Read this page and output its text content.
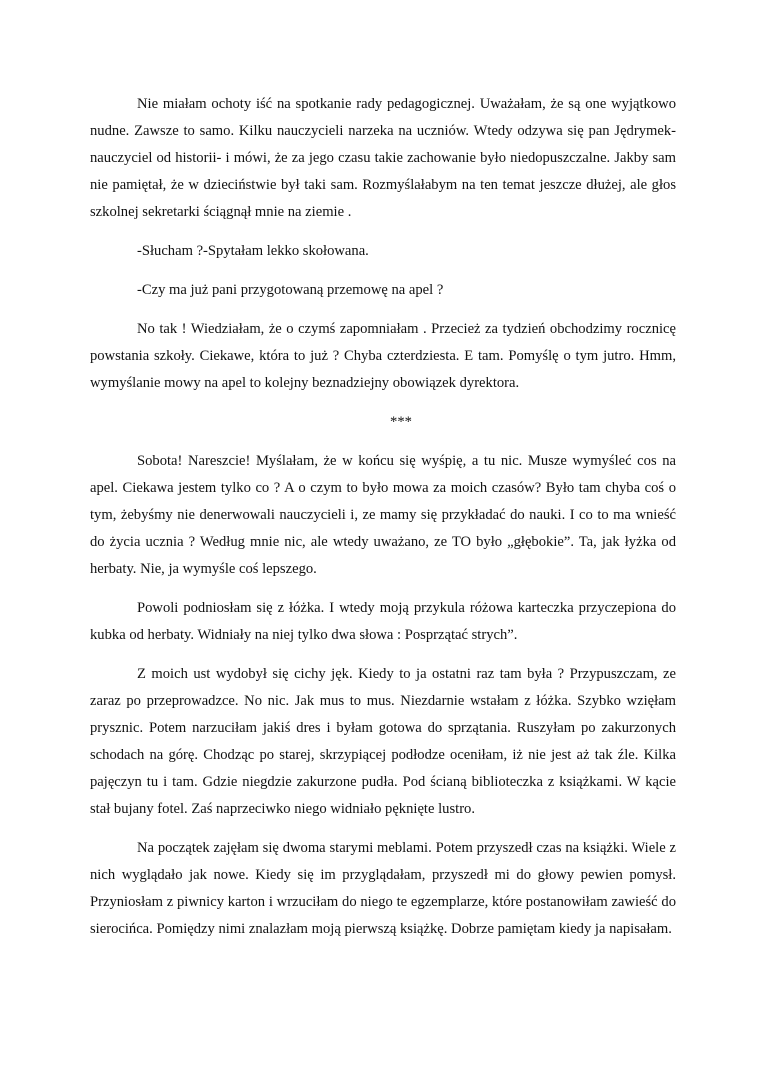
Nie miałam ochoty iść na spotkanie rady pedagogicznej. Uważałam, że są one wyjątkowo nudne. Zawsze to samo. Kilku nauczycieli narzeka na uczniów. Wtedy odzywa się pan Jędrymek- nauczyciel od historii- i mówi, że za jego czasu takie zachowanie było niedopuszczalne. Jakby sam nie pamiętał, że w dzieciństwie był taki sam. Rozmyślałabym na ten temat jeszcze dłużej, ale głos szkolnej sekretarki ściągnął mnie na ziemie .

-Słucham ?-Spytałam lekko skołowana.

-Czy ma już pani przygotowaną przemowę na apel ?

No tak ! Wiedziałam, że o czymś zapomniałam . Przecież za tydzień obchodzimy rocznicę powstania szkoły. Ciekawe, która to już ? Chyba czterdziesta. E tam. Pomyślę o tym jutro. Hmm, wymyślanie mowy na apel to kolejny beznadziejny obowiązek dyrektora.

***

Sobota! Nareszcie! Myślałam, że w końcu się wyśpię, a tu nic. Musze wymyśleć cos na apel. Ciekawa jestem tylko co ? A o czym to było mowa za moich czasów? Było tam chyba coś o tym, żebyśmy nie denerwowali nauczycieli i, ze mamy się przykładać do nauki. I co to ma wnieść do życia ucznia ? Według mnie nic, ale wtedy uważano, ze TO było „głębokie”. Ta, jak łyżka od herbaty. Nie, ja wymyśle coś lepszego.

Powoli podniosłam się z łóżka. I wtedy moją przykula różowa karteczka przyczepiona do kubka od herbaty. Widniały na niej tylko dwa słowa : Posprzątać strych”.

Z moich ust wydobył się cichy jęk. Kiedy to ja ostatni raz tam była ? Przypuszczam, ze zaraz po przeprowadzce. No nic. Jak mus to mus. Niezdarnie wstałam z łóżka. Szybko wzięłam prysznic. Potem narzuciłam jakiś dres i byłam gotowa do sprzątania. Ruszyłam po zakurzonych schodach na górę. Chodząc po starej, skrzypiącej podłodze oceniłam, iż nie jest aż tak źle. Kilka pajęczyn tu i tam. Gdzie niegdzie zakurzone pudła. Pod ścianą biblioteczka z książkami. W kącie stał bujany fotel. Zaś naprzeciwko niego widniało pęknięte lustro.

Na początek zajęłam się dwoma starymi meblami. Potem przyszedł czas na książki. Wiele z nich wyglądało jak nowe. Kiedy się im przyglądałam, przyszedł mi do głowy pewien pomysł. Przyniosłam z piwnicy karton i wrzuciłam do niego te egzemplarze, które postanowiłam zawieść do sierocińca. Pomiędzy nimi znalazłam moją pierwszą książkę. Dobrze pamiętam kiedy ja napisałam.
